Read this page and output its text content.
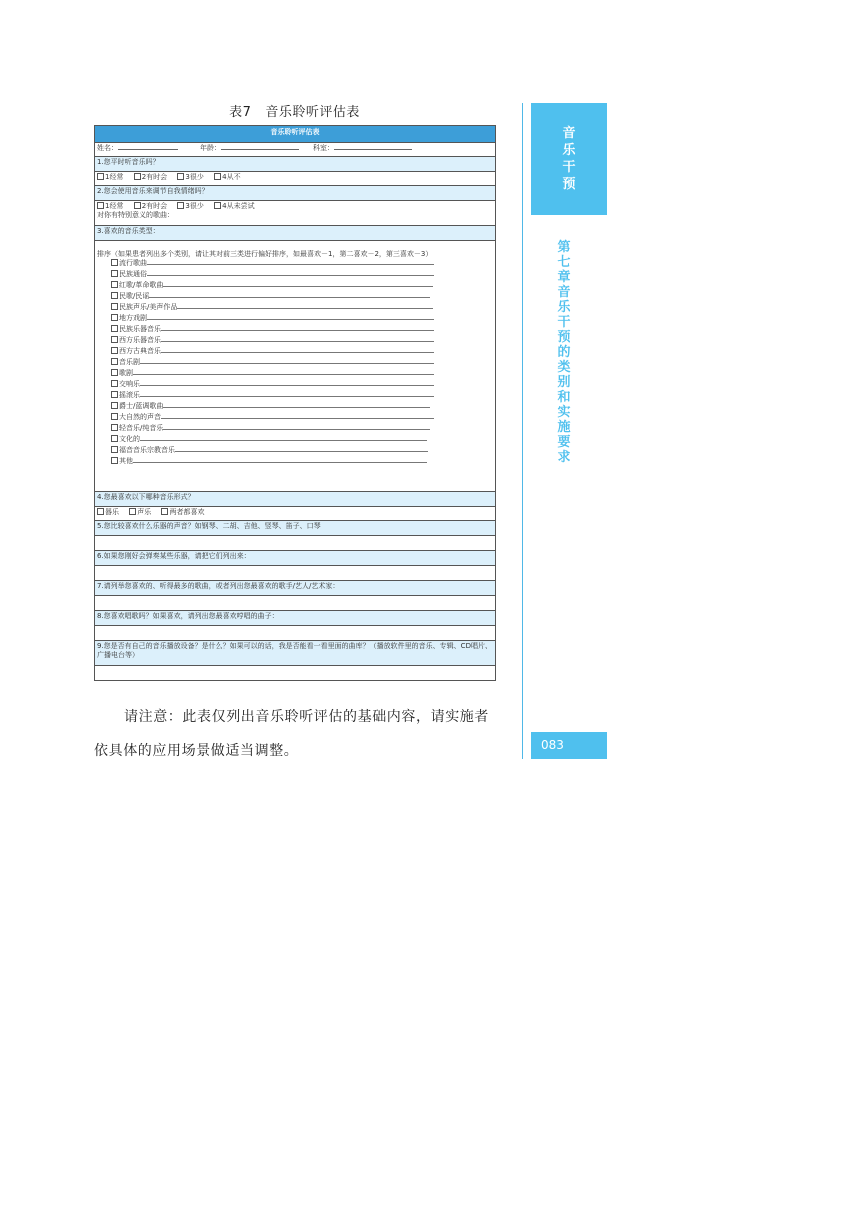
表7 音乐聆听评估表
音乐聆听评估表
姓名：	年龄：	科室：
1.您平时听音乐吗？
1经常	2有时会	3很少	4从不
2.您会使用音乐来调节自我情绪吗？
1经常	2有时会	3很少	4从未尝试
对你有特别意义的歌曲：

3.喜欢的音乐类型：

排序（如果患者列出多个类别，请让其对前三类进行偏好排序，如最喜欢－1，第二喜欢－2，第三喜欢－3）
流行歌曲
民族通俗
红歌/革命歌曲
民歌/民谣
民族声乐/美声作品
地方戏剧
民族乐器音乐
西方乐器音乐
西方古典音乐
音乐剧
歌剧
交响乐
摇滚乐
爵士/蓝调歌曲
大自然的声音
轻音乐/纯音乐
文化的
福音音乐宗教音乐
其他

4.您最喜欢以下哪种音乐形式？
器乐	声乐	两者都喜欢
5.您比较喜欢什么乐器的声音？如钢琴、二胡、吉他、竖琴、笛子、口琴

6.如果您刚好会弹奏某些乐器，请把它们列出来：

7.请列举您喜欢的、听得最多的歌曲，或者列出您最喜欢的歌手/艺人/艺术家：

8.您喜欢唱歌吗？如果喜欢，请列出您最喜欢哼唱的曲子：

9.您是否有自己的音乐播放设备？是什么？如果可以的话，我是否能看一看里面的曲库？（播放软件里的音乐、专辑、CD唱片、广播电台等）

请注意：此表仅列出音乐聆听评估的基础内容，请实施者依具体的应用场景做适当调整。
音乐干预
第七章　音乐干预的类别和实施要求
083
